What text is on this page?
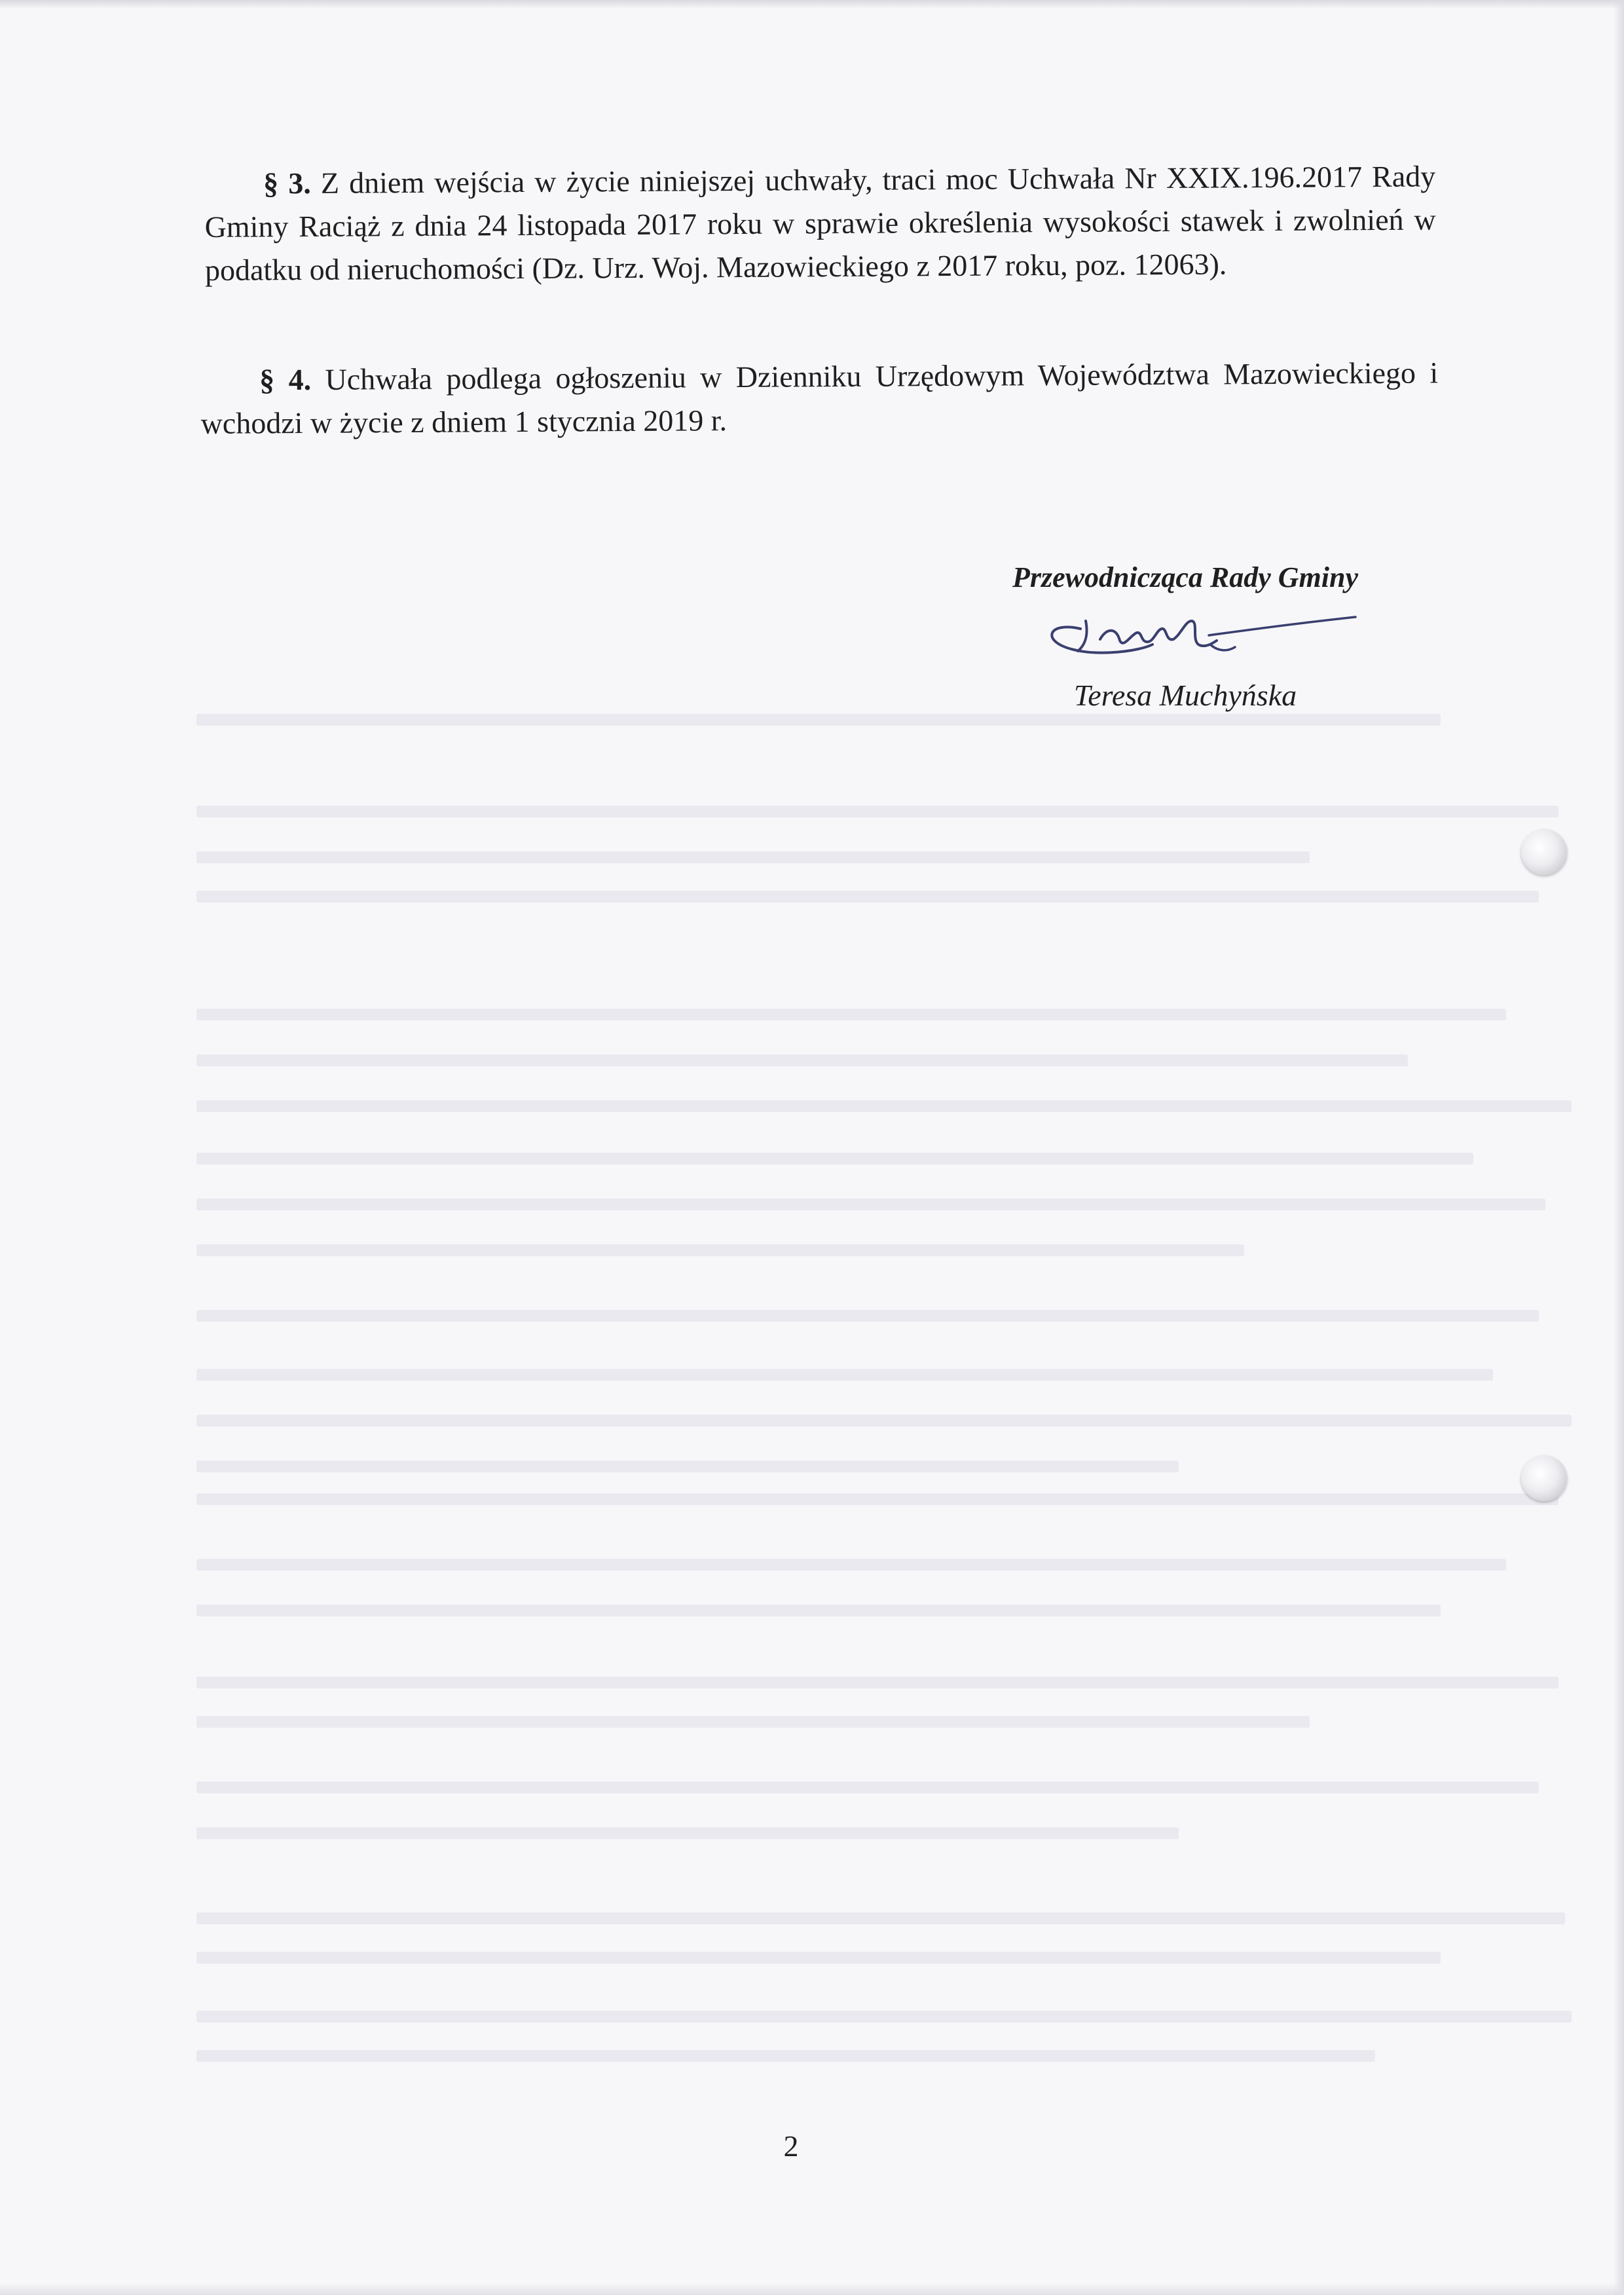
§ 3. Z dniem wejścia w życie niniejszej uchwały, traci moc Uchwała Nr XXIX.196.2017 Rady Gminy Raciąż z dnia 24 listopada 2017 roku w sprawie określenia wysokości stawek i zwolnień w podatku od nieruchomości (Dz. Urz. Woj. Mazowieckiego z 2017 roku, poz. 12063).

§ 4. Uchwała podlega ogłoszeniu w Dzienniku Urzędowym Województwa Mazowieckiego i wchodzi w życie z dniem 1 stycznia 2019 r.

Przewodnicząca Rady Gminy
Teresa Muchyńska
2
